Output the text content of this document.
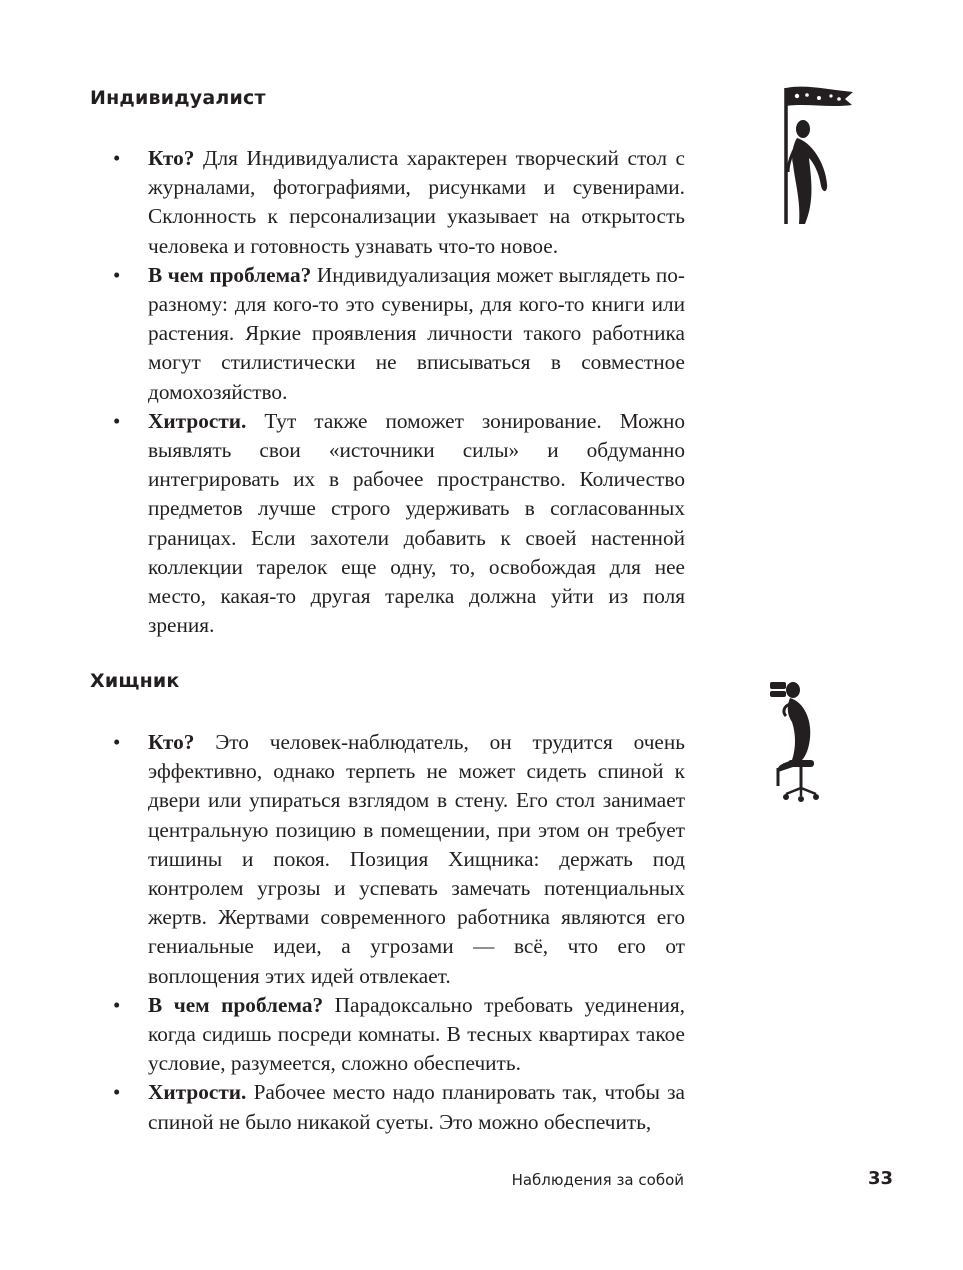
Индивидуалист
• Кто? Для Индивидуалиста характерен творческий стол с журналами, фотографиями, рисунками и сувенирами. Склонность к персонализации указывает на открытость человека и готовность узнавать что-то новое.
• В чем проблема? Индивидуализация может выглядеть по-разному: для кого-то это сувениры, для кого-то книги или растения. Яркие проявления личности такого работника могут стилистически не вписываться в совместное домохозяйство.
• Хитрости. Тут также поможет зонирование. Можно выявлять свои «источники силы» и обдуманно интегрировать их в рабочее пространство. Количество предметов лучше строго удерживать в согласованных границах. Если захотели добавить к своей настенной коллекции тарелок еще одну, то, освобождая для нее место, какая-то другая тарелка должна уйти из поля зрения.
Хищник
• Кто? Это человек-наблюдатель, он трудится очень эффективно, однако терпеть не может сидеть спиной к двери или упираться взглядом в стену. Его стол занимает центральную позицию в помещении, при этом он требует тишины и покоя. Позиция Хищника: держать под контролем угрозы и успевать замечать потенциальных жертв. Жертвами современного работника являются его гениальные идеи, а угрозами — всё, что его от воплощения этих идей отвлекает.
• В чем проблема? Парадоксально требовать уединения, когда сидишь посреди комнаты. В тесных квартирах такое условие, разумеется, сложно обеспечить.
• Хитрости. Рабочее место надо планировать так, чтобы за спиной не было никакой суеты. Это можно обеспечить,
Наблюдения за собой	33
